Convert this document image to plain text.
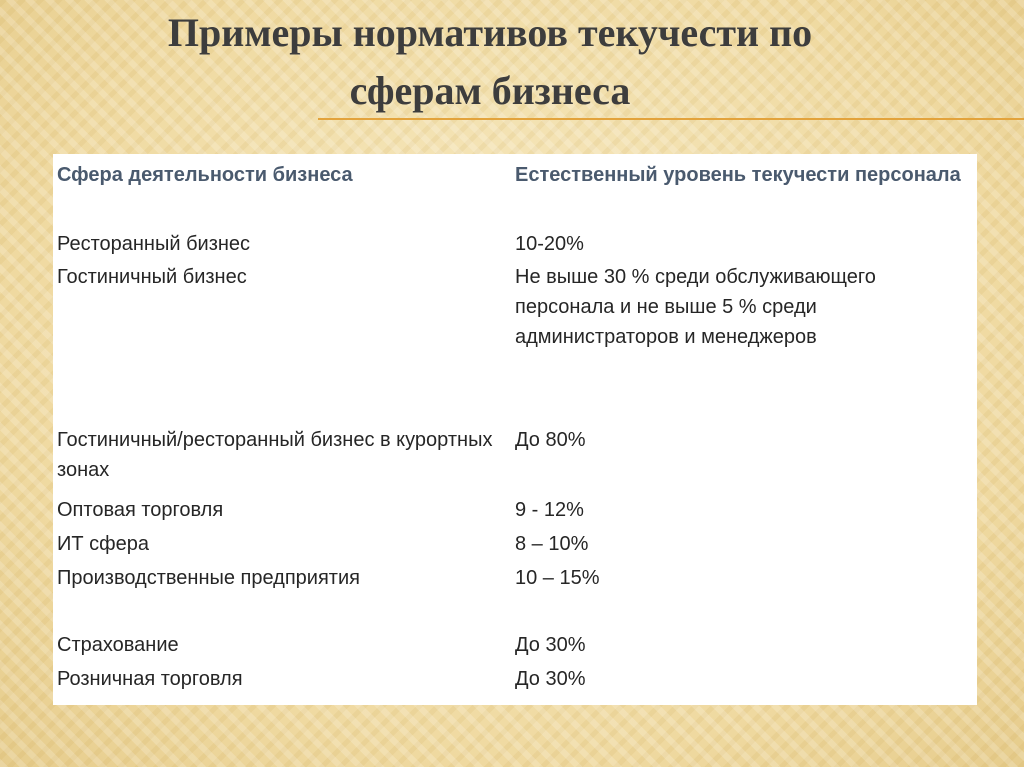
Примеры нормативов текучести по
сферам бизнеса
Сфера деятельности бизнеса	Естественный уровень текучести персонала
Ресторанный бизнес	10-20%
Гостиничный бизнес	Не выше 30 % среди обслуживающего персонала и не выше 5 % среди администраторов и менеджеров
Гостиничный/ресторанный бизнес в курортных зонах	До 80%
Оптовая торговля	9 - 12%
ИТ сфера	8 – 10%
Производственные предприятия	10 – 15%
Страхование	До 30%
Розничная торговля	До 30%
